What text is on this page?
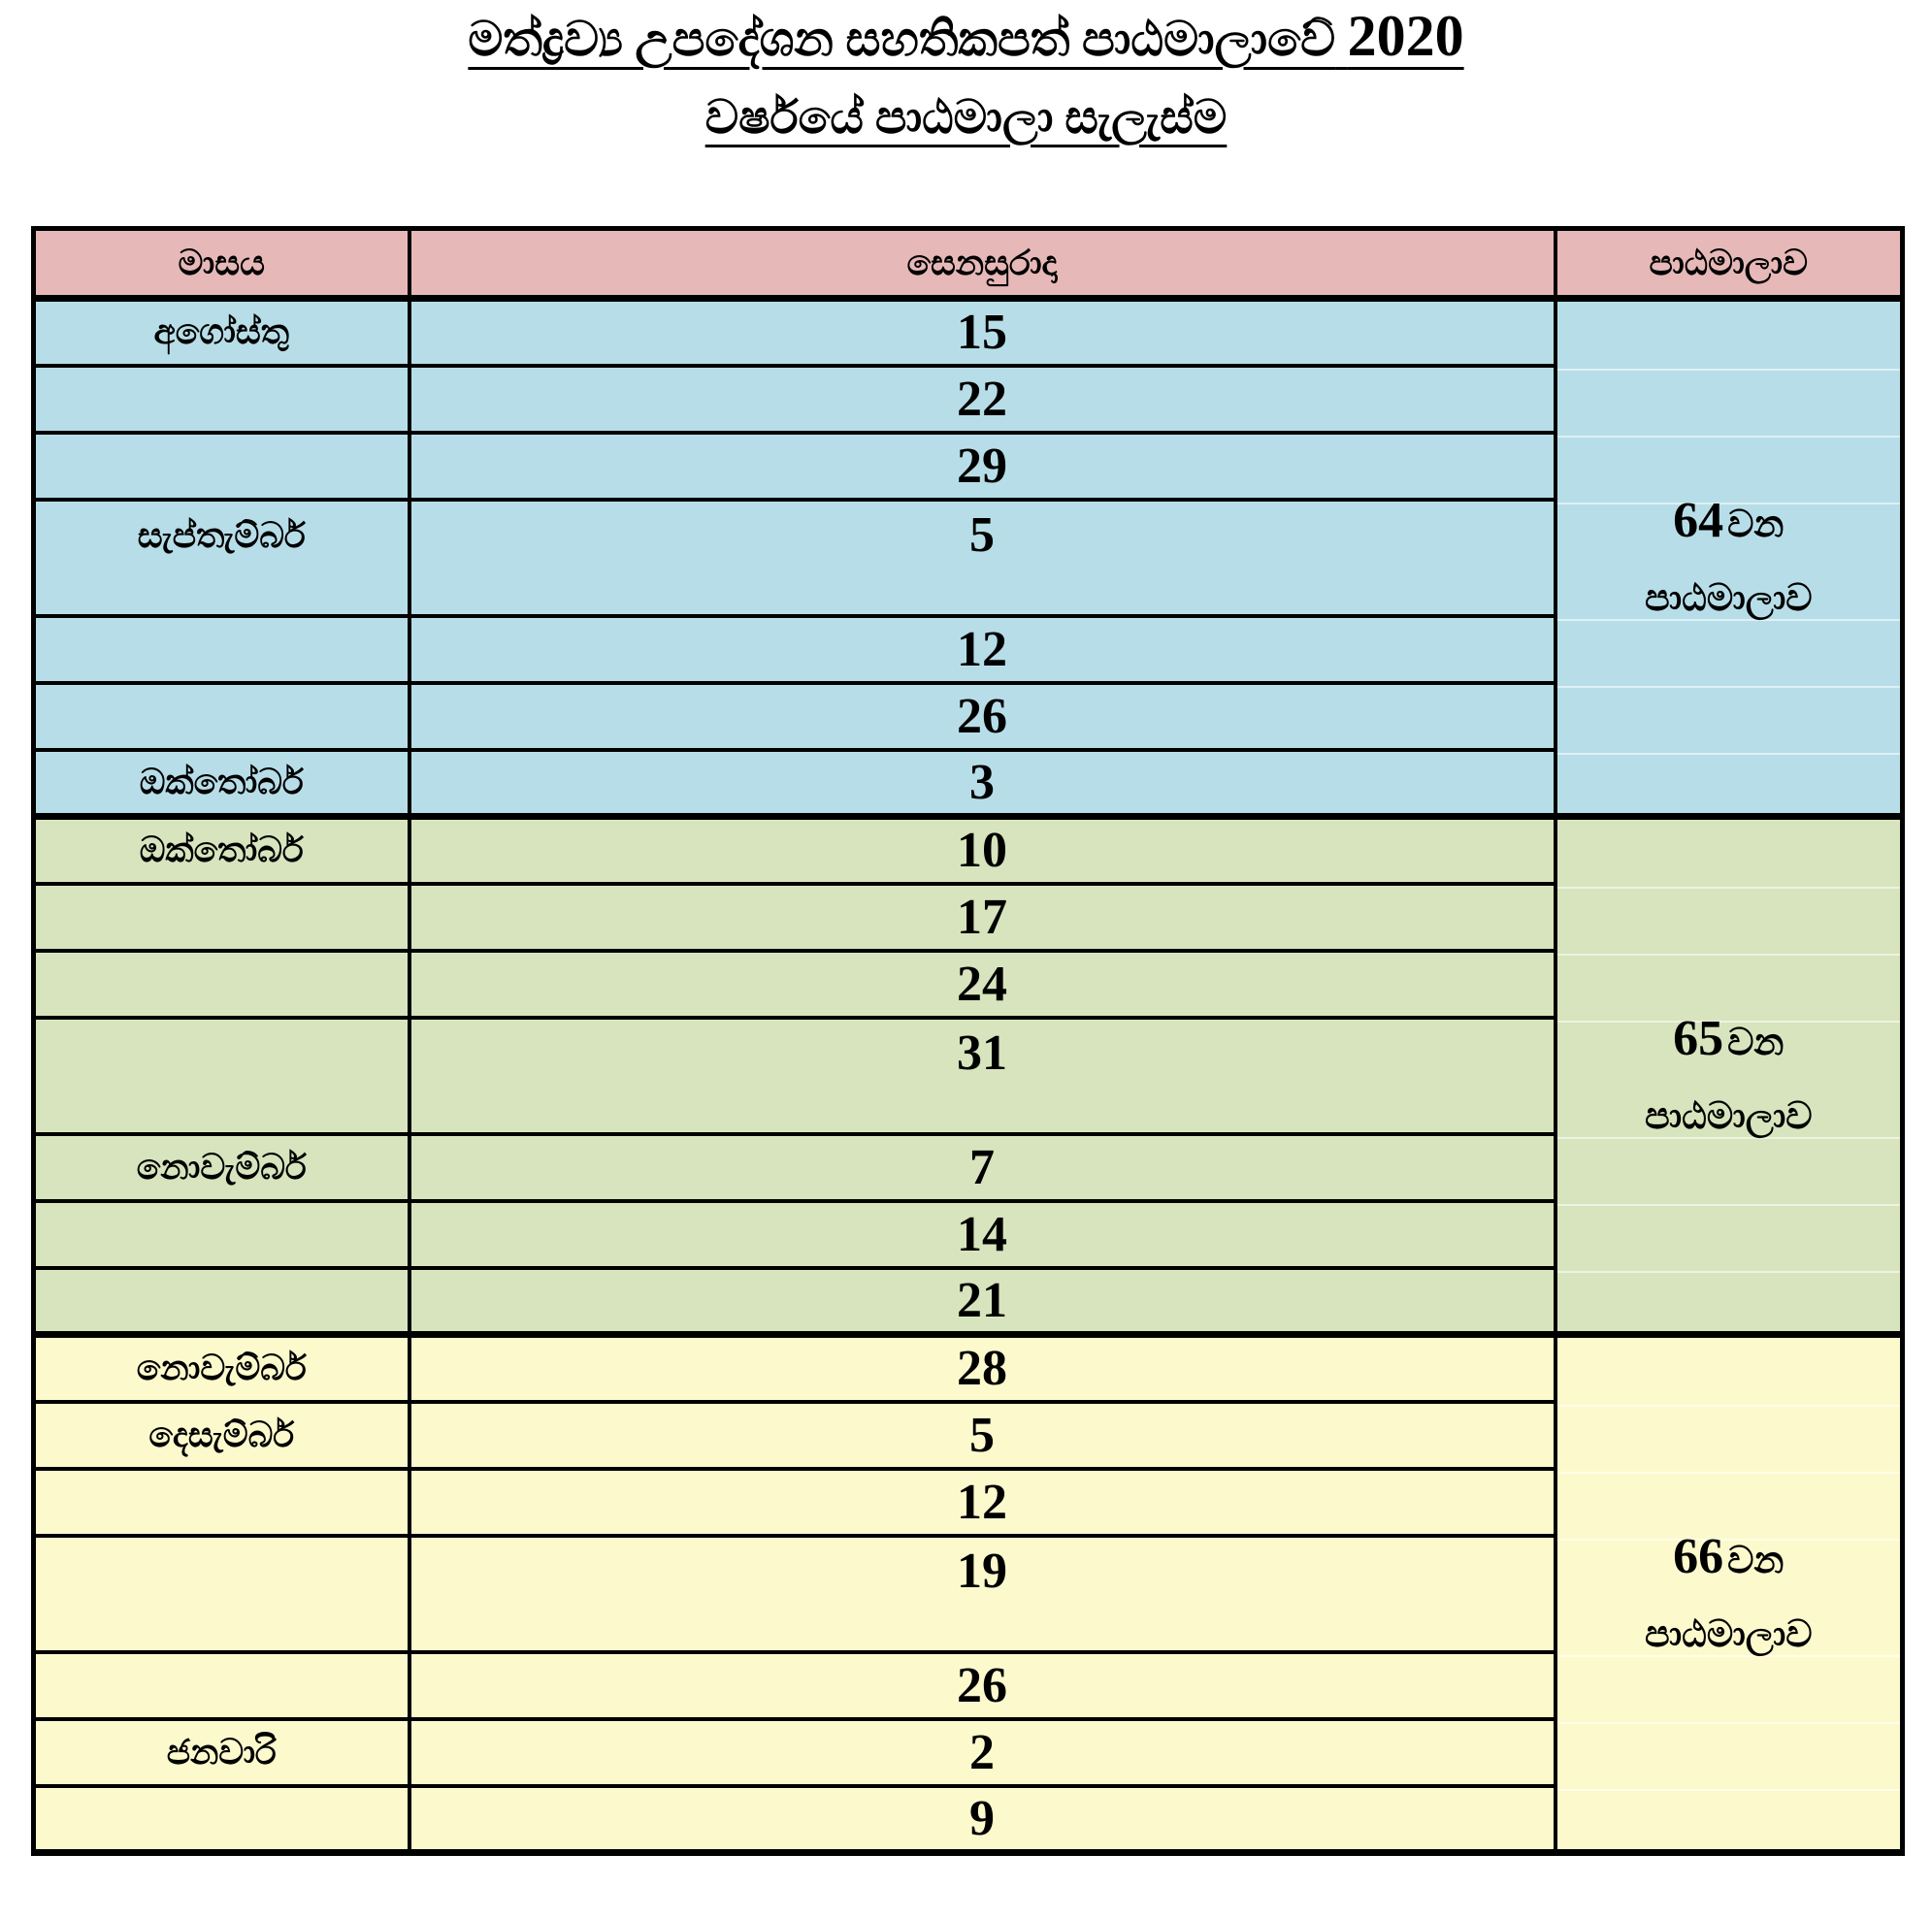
මත්ද්‍රව්‍ය උපදේශන සහතිකපත් පාඨමාලාවේ 2020
වර්ෂයේ පාඨමාලා සැලැස්ම
මාසය	සෙනසුරාදා	පාඨමාලාව
අගෝස්තු	15	64 වන
පාඨමාලාව

	22	
	29	
සැප්තැම්බර්	5	
	12	
	26	
ඔක්තෝබර්	3	
ඔක්තෝබර්	10	65 වන
පාඨමාලාව

	17	
	24	
	31	
නොවැම්බර්	7	
	14	
	21	
නොවැම්බර්	28	66 වන
පාඨමාලාව

දෙසැම්බර්	5	
	12	
	19	
	26	
ජනවාරි	2	
	9	
